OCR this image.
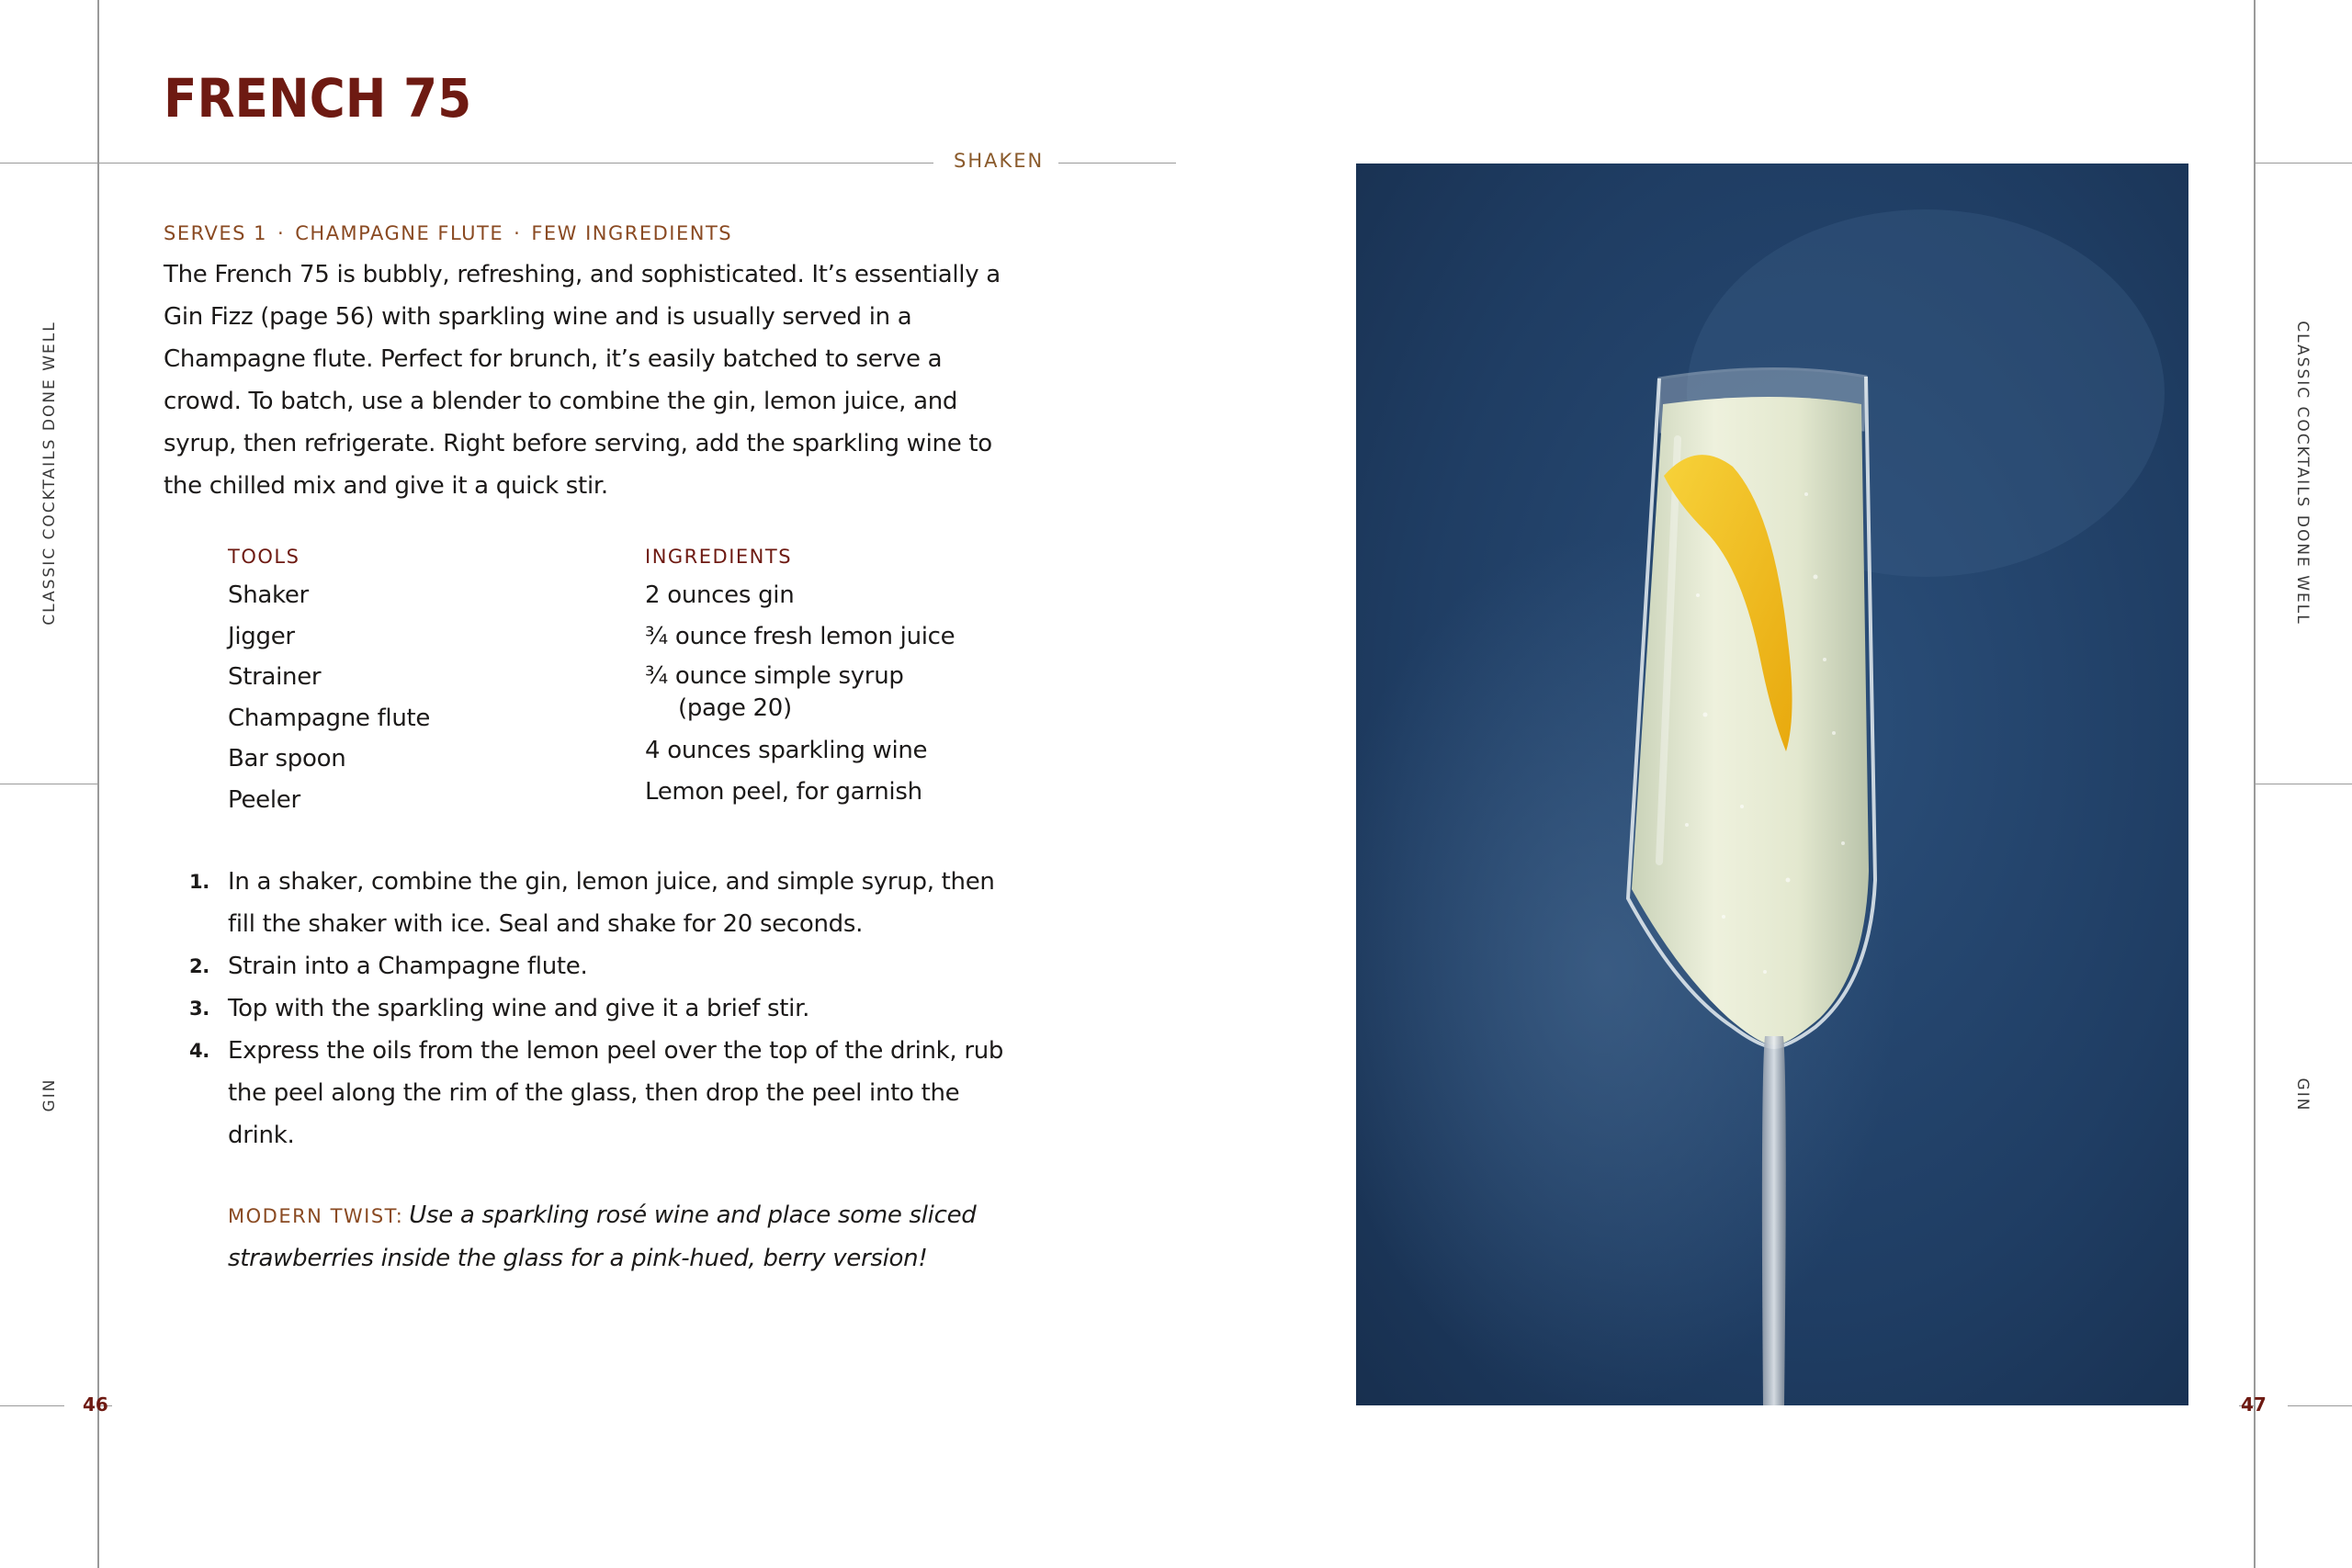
CLASSIC COCKTAILS DONE WELL
GIN
CLASSIC COCKTAILS DONE WELL
GIN
46	47
FRENCH 75
SHAKEN
SERVES 1 · CHAMPAGNE FLUTE · FEW INGREDIENTS

The French 75 is bubbly, refreshing, and sophisticated. It’s essentially a Gin Fizz (page 56) with sparkling wine and is usually served in a Champagne flute. Perfect for brunch, it’s easily batched to serve a crowd. To batch, use a blender to combine the gin, lemon juice, and syrup, then refrigerate. Right before serving, add the sparkling wine to the chilled mix and give it a quick stir.

TOOLS
Shaker
Jigger
Strainer
Champagne flute
Bar spoon
Peeler
INGREDIENTS
2 ounces gin
¾ ounce fresh lemon juice
¾ ounce simple syrup (page 20)
4 ounces sparkling wine
Lemon peel, for garnish
1. In a shaker, combine the gin, lemon juice, and simple syrup, then fill the shaker with ice. Seal and shake for 20 seconds.
2. Strain into a Champagne flute.
3. Top with the sparkling wine and give it a brief stir.
4. Express the oils from the lemon peel over the top of the drink, rub the peel along the rim of the glass, then drop the peel into the drink.

MODERN TWIST: Use a sparkling rosé wine and place some sliced strawberries inside the glass for a pink-hued, berry version!
